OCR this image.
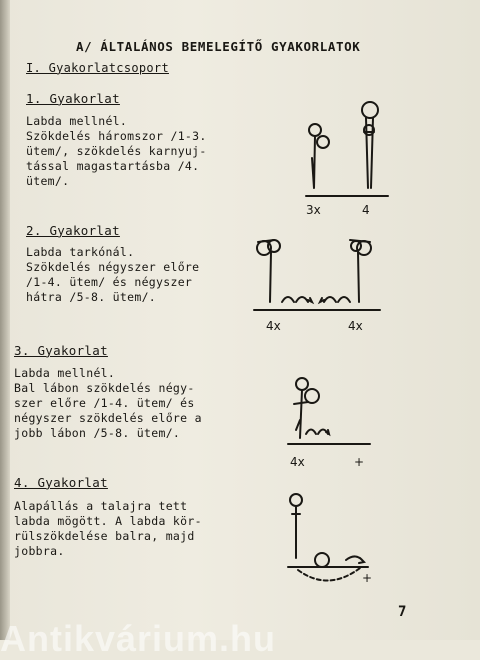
A/ ÁLTALÁNOS BEMELEGÍTŐ GYAKORLATOK
I. Gyakorlatcsoport
1. Gyakorlat
Labda mellnél.
Szökdelés háromszor /1-3.
ütem/, szökdelés karnyuj-
tással magastartásba /4.
ütem/.
3x	4
2. Gyakorlat
Labda tarkónál.
Szökdelés négyszer előre
/1-4. ütem/ és négyszer
hátra /5-8. ütem/.
4x	4x
3. Gyakorlat
Labda mellnél.
Bal lábon szökdelés négy-
szer előre /1-4. ütem/ és
négyszer szökdelés előre a
jobb lábon /5-8. ütem/.
4x	+
4. Gyakorlat
Alapállás a talajra tett
labda mögött. A labda kör-
rülszökdelése balra, majd
jobbra.
+
7
Antikvárium.hu
